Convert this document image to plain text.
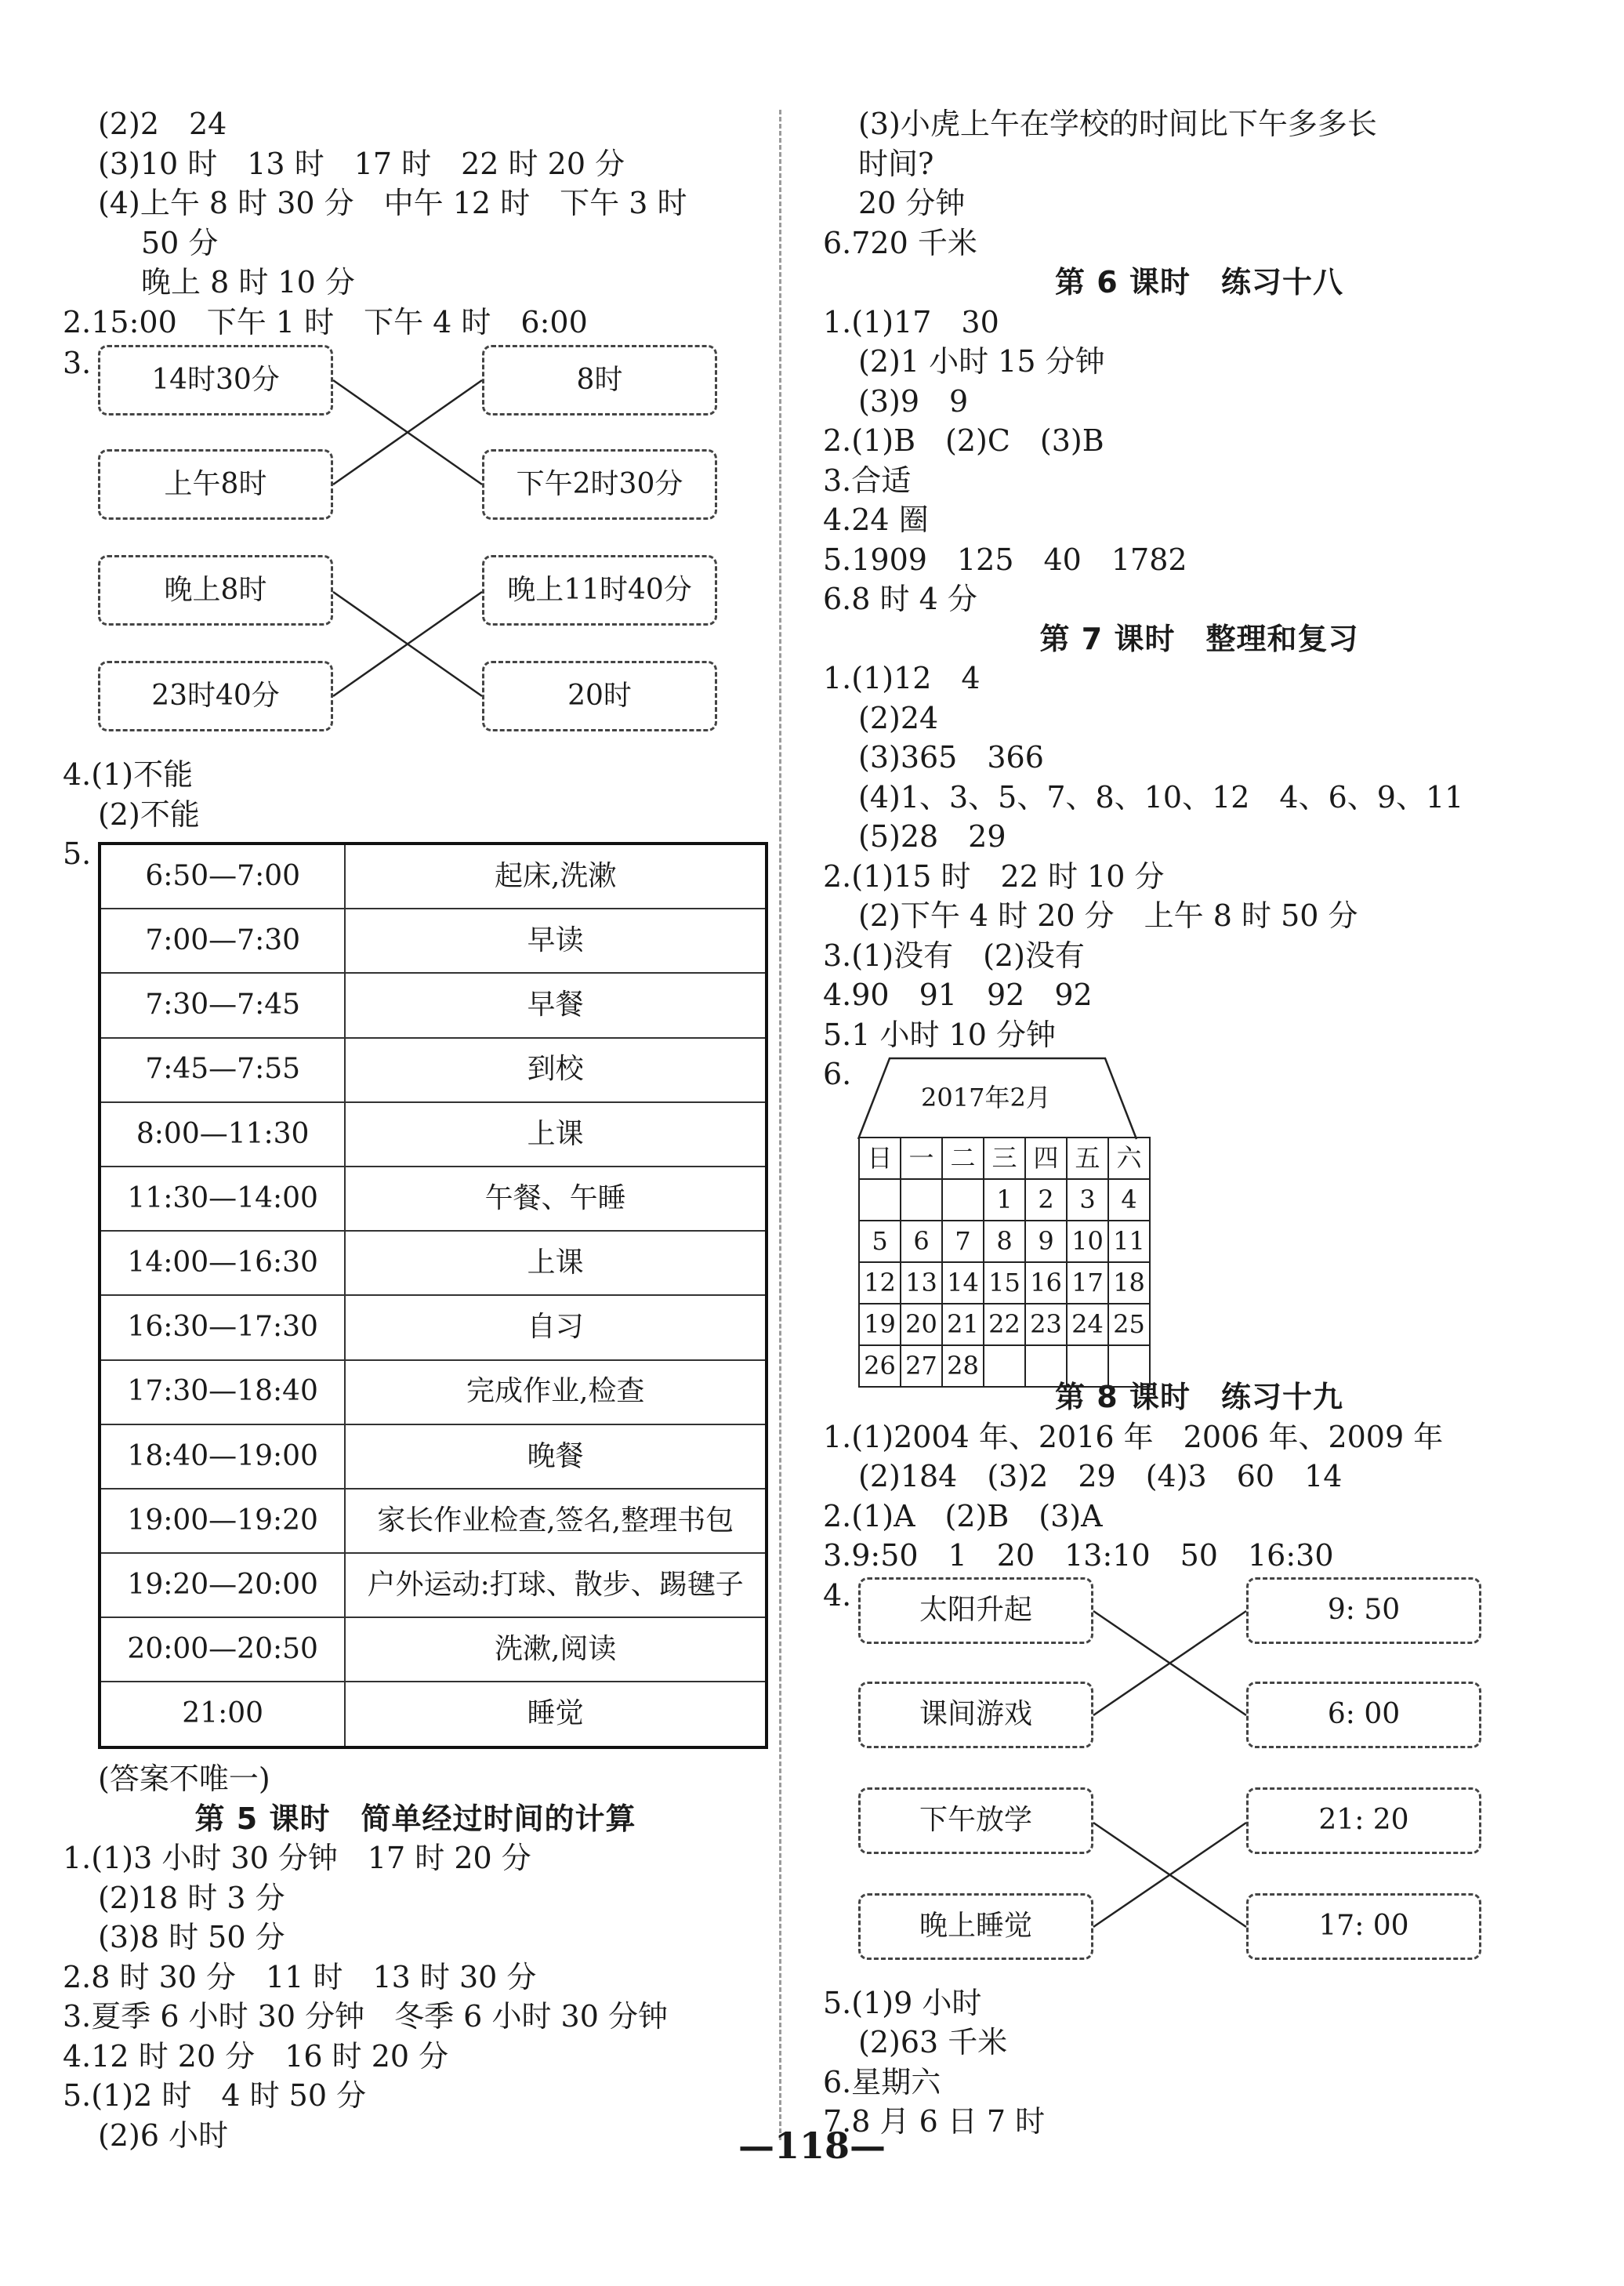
(2)2　24
(3)10 时　13 时　17 时　22 时 20 分
(4)上午 8 时 30 分　中午 12 时　下午 3 时
50 分
晚上 8 时 10 分
2.15:00　下午 1 时　下午 4 时　6:00
3.	14时30分	8时
上午8时	下午2时30分
晚上8时	晚上11时40分
23时40分	20时
4.(1)不能
(2)不能
5.
6:50—7:00	起床,洗漱
7:00—7:30	早读
7:30—7:45	早餐
7:45—7:55	到校
8:00—11:30	上课
11:30—14:00	午餐、午睡
14:00—16:30	上课
16:30—17:30	自习
17:30—18:40	完成作业,检查
18:40—19:00	晚餐
19:00—19:20	家长作业检查,签名,整理书包
19:20—20:00	户外运动:打球、散步、踢毽子
20:00—20:50	洗漱,阅读
21:00	睡觉
(答案不唯一)
第 5 课时　简单经过时间的计算
1.(1)3 小时 30 分钟　17 时 20 分
(2)18 时 3 分
(3)8 时 50 分
2.8 时 30 分　11 时　13 时 30 分
3.夏季 6 小时 30 分钟　冬季 6 小时 30 分钟
4.12 时 20 分　16 时 20 分
5.(1)2 时　4 时 50 分
(2)6 小时
(3)小虎上午在学校的时间比下午多多长
时间?
20 分钟
6.720 千米
第 6 课时　练习十八
1.(1)17　30
(2)1 小时 15 分钟
(3)9　9
2.(1)B　(2)C　(3)B
3.合适
4.24 圈
5.1909　125　40　1782
6.8 时 4 分
第 7 课时　整理和复习
1.(1)12　4
(2)24
(3)365　366
(4)1、3、5、7、8、10、12　4、6、9、11
(5)28　29
2.(1)15 时　22 时 10 分
(2)下午 4 时 20 分　上午 8 时 50 分
3.(1)没有　(2)没有
4.90　91　92　92
5.1 小时 10 分钟
6.
2017年2月
日	一	二	三	四	五	六
			1	2	3	4
5	6	7	8	9	10	11
12	13	14	15	16	17	18
19	20	21	22	23	24	25
26	27	28				
第 8 课时　练习十九
1.(1)2004 年、2016 年　2006 年、2009 年
(2)184　(3)2　29　(4)3　60　14
2.(1)A　(2)B　(3)A
3.9:50　1　20　13:10　50　16:30
4.	太阳升起	9: 50
课间游戏	6: 00
下午放学	21: 20
晚上睡觉	17: 00
5.(1)9 小时
(2)63 千米
6.星期六
7.8 月 6 日 7 时
—118—
